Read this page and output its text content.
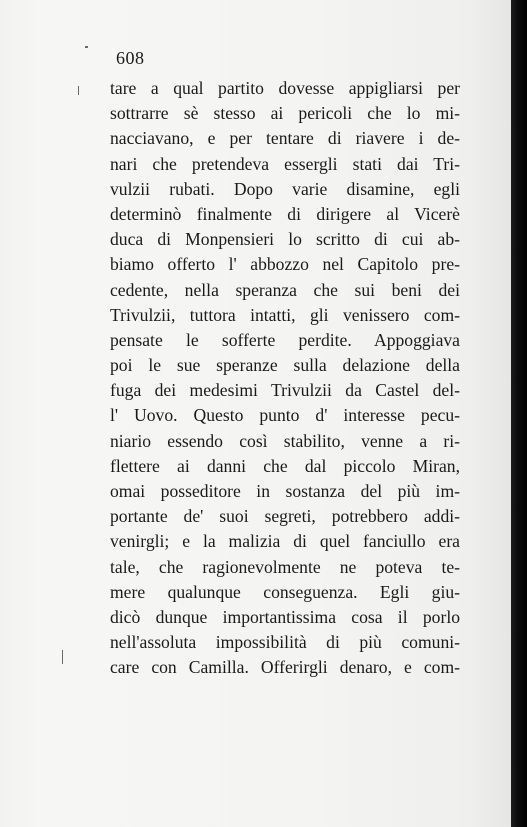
608
tare a qual partito dovesse appigliarsi per
sottrarre sè stesso ai pericoli che lo mi-
nacciavano, e per tentare di riavere i de-
nari che pretendeva essergli stati dai Tri-
vulzii rubati. Dopo varie disamine, egli
determinò finalmente di dirigere al Vicerè
duca di Monpensieri lo scritto di cui ab-
biamo offerto l' abbozzo nel Capitolo pre-
cedente, nella speranza che sui beni dei
Trivulzii, tuttora intatti, gli venissero com-
pensate le sofferte perdite. Appoggiava
poi le sue speranze sulla delazione della
fuga dei medesimi Trivulzii da Castel del-
l' Uovo. Questo punto d' interesse pecu-
niario essendo così stabilito, venne a ri-
flettere ai danni che dal piccolo Miran,
omai posseditore in sostanza del più im-
portante de' suoi segreti, potrebbero addi-
venirgli; e la malizia di quel fanciullo era
tale, che ragionevolmente ne poteva te-
mere qualunque conseguenza. Egli giu-
dicò dunque importantissima cosa il porlo
nell'assoluta impossibilità di più comuni-
care con Camilla. Offerirgli denaro, e com-
